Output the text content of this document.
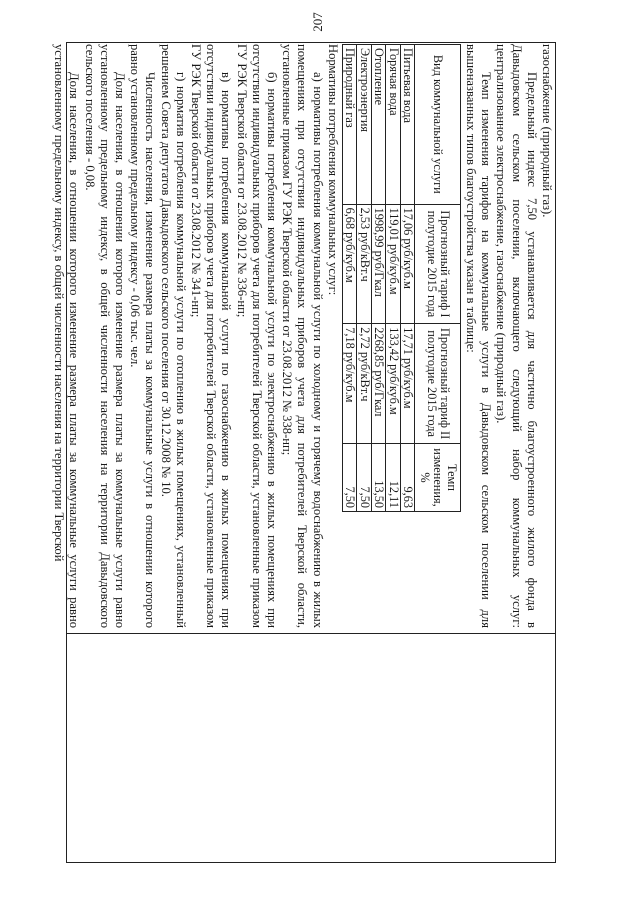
207

газоснабжение (природный газ).

Предельный индекс 7,50 устанавливается для частично благоустроенного жилого фонда в Давыдовском сельском поселении, включающего следующий набор коммунальных услуг: централизованное электроснабжение, газоснабжение (природный газ).

Темп изменения тарифов на коммунальные услуги в Давыдовском сельском поселении для вышеназванных типов благоустройства указан в таблице:

Вид коммунальной услуги	Прогнозный тариф I полугодие 2015 года	Прогнозный тариф II полугодие 2015 года	Темп изменения, %
Питьевая вода	17,06 руб/куб.м	17,71 руб/куб.м	9,63
Горячая вода	119,01 руб/куб.м	133,42 руб/куб.м	12,11
Отопление	1998,99 руб/Гкал	2268,85 руб/Гкал	13,50
Электроэнергия	2,53 руб/кВт.ч	2,72 руб/кВт.ч	7,50
Природный газ	6,68 руб/куб.м	7,18 руб/куб.м	7,50

Нормативы потребления коммунальных услуг:

а) нормативы потребления коммунальной услуги по холодному и горячему водоснабжению в жилых помещениях при отсутствии индивидуальных приборов учета для потребителей Тверской области, установленные приказом ГУ РЭК Тверской области от 23.08.2012 № 338-нп;

б) нормативы потребления коммунальной услуги по электроснабжению в жилых помещениях при отсутствии индивидуальных приборов учета для потребителей Тверской области, установленные приказом ГУ РЭК Тверской области от 23.08.2012 № 336-нп;

в) нормативы потребления коммунальной услуги по газоснабжению в жилых помещениях при отсутствии индивидуальных приборов учета для потребителей Тверской области, установленные приказом ГУ РЭК Тверской области от 23.08.2012 № 341-нп;

г) норматив потребления коммунальной услуги по отоплению в жилых помещениях, установленный решением Совета депутатов Давыдовского сельского поселения от 30.12.2008 № 10.

Численность населения, изменение размера платы за коммунальные услуги в отношении которого равно установленному предельному индексу - 0,06 тыс. чел.

Доля населения, в отношении которого изменение размера платы за коммунальные услуги равно установленному предельному индексу, в общей численности населения на территории Давыдовского сельского поселения - 0,08.

Доля населения, в отношении которого изменение размера платы за коммунальные услуги равно установленному предельному индексу, в общей численности населения на территории Тверской
